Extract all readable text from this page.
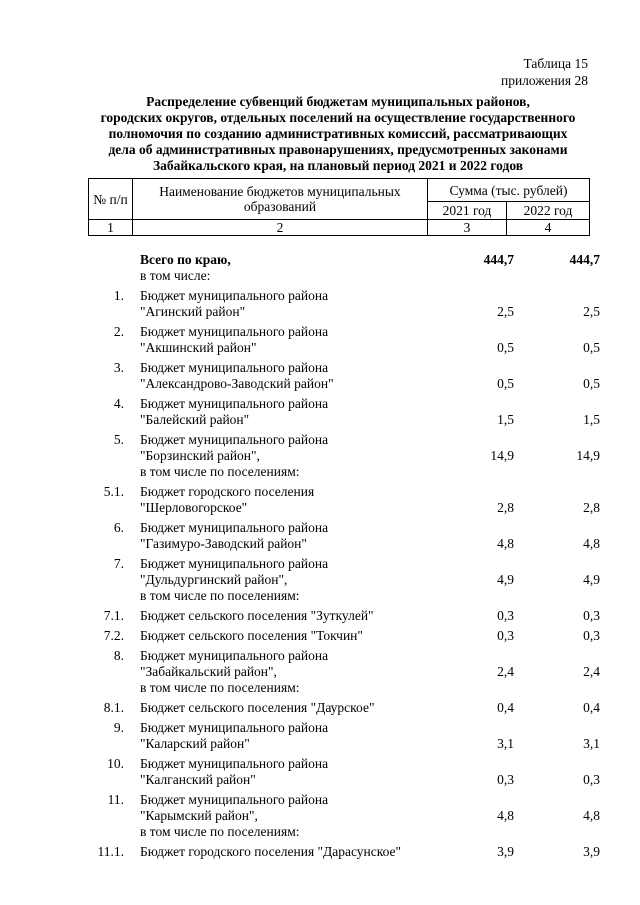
Таблица 15
приложения 28
Распределение субвенций бюджетам муниципальных районов,
городских округов, отдельных поселений на осуществление государственного
полномочия по созданию административных комиссий, рассматривающих
дела об административных правонарушениях, предусмотренных законами
Забайкальского края, на плановый период 2021 и 2022 годов
№ п/п	Наименование бюджетов муниципальных образований	Сумма (тыс. рублей)	
		2021 год	2022 год
1	2	3	4
Всего по краю,	444,7	444,7
в том числе:
1.	Бюджет муниципального района
"Агинский район"	2,5	2,5
2.	Бюджет муниципального района
"Акшинский район"	0,5	0,5
3.	Бюджет муниципального района
"Александрово-Заводский район"	0,5	0,5
4.	Бюджет муниципального района
"Балейский район"	1,5	1,5
5.	Бюджет муниципального района
"Борзинский район",	14,9	14,9
в том числе по поселениям:
5.1.	Бюджет городского поселения
"Шерловогорское"	2,8	2,8
6.	Бюджет муниципального района
"Газимуро-Заводский район"	4,8	4,8
7.	Бюджет муниципального района
"Дульдургинский район",	4,9	4,9
в том числе по поселениям:
7.1.	Бюджет сельского поселения "Зуткулей"	0,3	0,3
7.2.	Бюджет сельского поселения "Токчин"	0,3	0,3
8.	Бюджет муниципального района
"Забайкальский район",	2,4	2,4
в том числе по поселениям:
8.1.	Бюджет сельского поселения "Даурское"	0,4	0,4
9.	Бюджет муниципального района
"Каларский район"	3,1	3,1
10.	Бюджет муниципального района
"Калганский район"	0,3	0,3
11.	Бюджет муниципального района
"Карымский район",	4,8	4,8
в том числе по поселениям:
11.1.	Бюджет городского поселения "Дарасунское"	3,9	3,9
